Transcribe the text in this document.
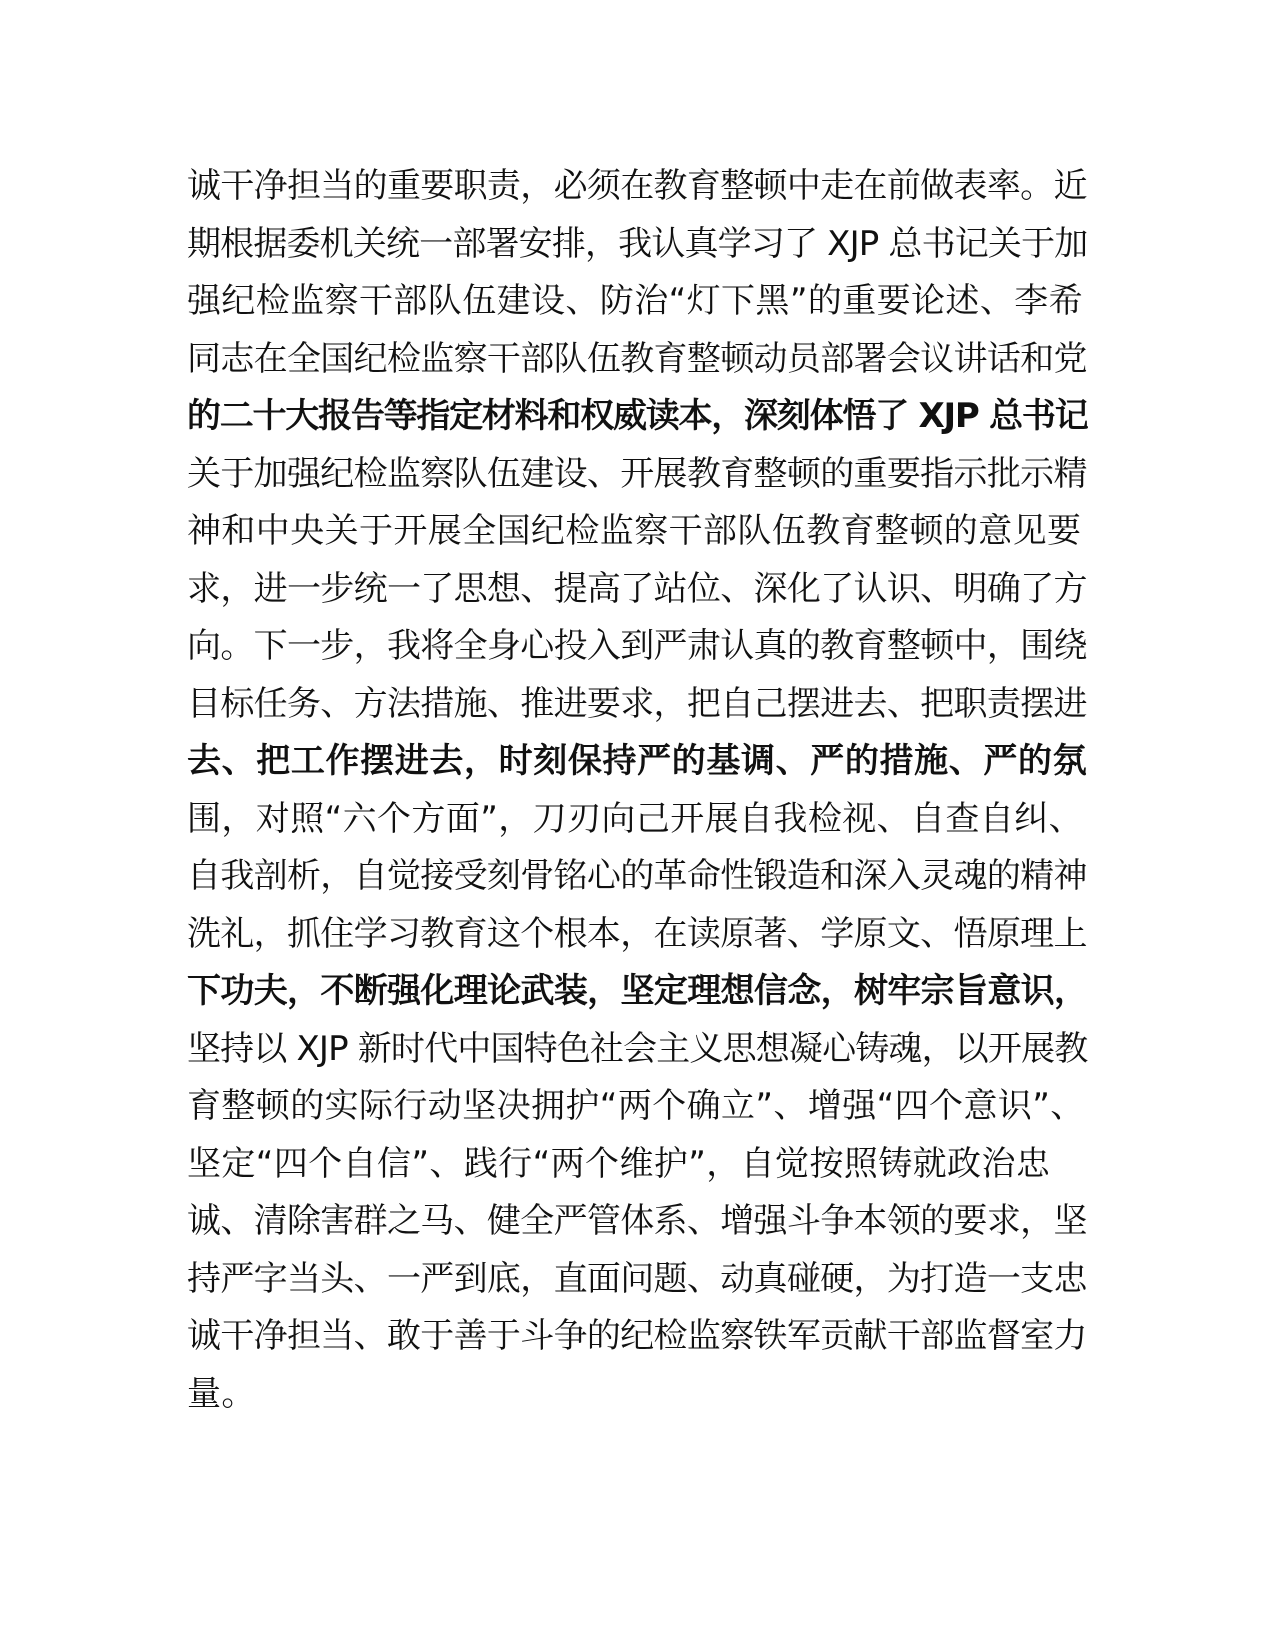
诚干净担当的重要职责，必须在教育整顿中走在前做表率。近
期根据委机关统一部署安排，我认真学习了 XJP 总书记关于加
强纪检监察干部队伍建设、防治“灯下黑”的重要论述、李希
同志在全国纪检监察干部队伍教育整顿动员部署会议讲话和党
的二十大报告等指定材料和权威读本，深刻体悟了 XJP 总书记
关于加强纪检监察队伍建设、开展教育整顿的重要指示批示精
神和中央关于开展全国纪检监察干部队伍教育整顿的意见要
求，进一步统一了思想、提高了站位、深化了认识、明确了方
向。下一步，我将全身心投入到严肃认真的教育整顿中，围绕
目标任务、方法措施、推进要求，把自己摆进去、把职责摆进
去、把工作摆进去，时刻保持严的基调、严的措施、严的氛
围，对照“六个方面”，刀刃向己开展自我检视、自查自纠、
自我剖析，自觉接受刻骨铭心的革命性锻造和深入灵魂的精神
洗礼，抓住学习教育这个根本，在读原著、学原文、悟原理上
下功夫，不断强化理论武装，坚定理想信念，树牢宗旨意识，
坚持以 XJP 新时代中国特色社会主义思想凝心铸魂，以开展教
育整顿的实际行动坚决拥护“两个确立”、增强“四个意识”、
坚定“四个自信”、践行“两个维护”，自觉按照铸就政治忠
诚、清除害群之马、健全严管体系、增强斗争本领的要求，坚
持严字当头、一严到底，直面问题、动真碰硬，为打造一支忠
诚干净担当、敢于善于斗争的纪检监察铁军贡献干部监督室力
量。
